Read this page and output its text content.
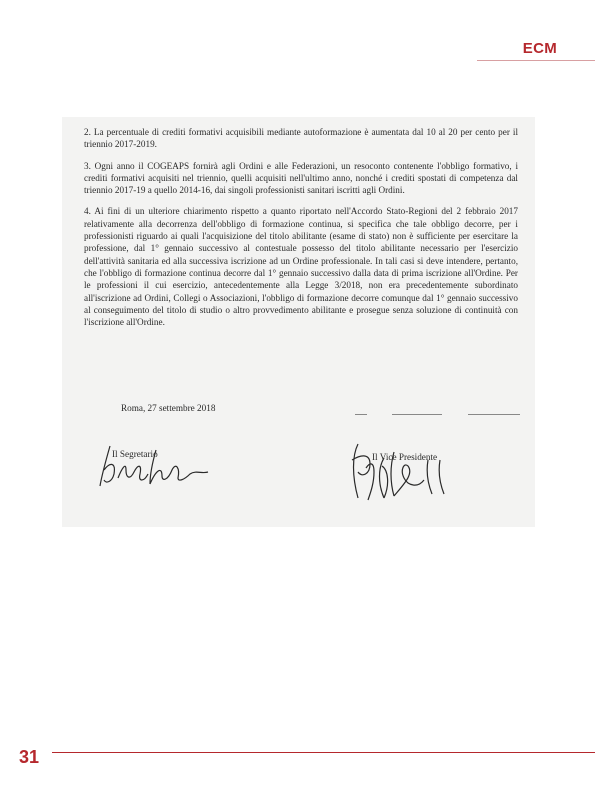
ECM

2. La percentuale di crediti formativi acquisibili mediante autoformazione è aumentata dal 10 al 20 per cento per il triennio 2017-2019.

3. Ogni anno il COGEAPS fornirà agli Ordini e alle Federazioni, un resoconto contenente l'obbligo formativo, i crediti formativi acquisiti nel triennio, quelli acquisiti nell'ultimo anno, nonché i crediti spostati di competenza dal triennio 2017-19 a quello 2014-16, dai singoli professionisti sanitari iscritti agli Ordini.

4. Ai fini di un ulteriore chiarimento rispetto a quanto riportato nell'Accordo Stato-Regioni del 2 febbraio 2017 relativamente alla decorrenza dell'obbligo di formazione continua, si specifica che tale obbligo decorre, per i professionisti riguardo ai quali l'acquisizione del titolo abilitante (esame di stato) non è sufficiente per esercitare la professione, dal 1° gennaio successivo al contestuale possesso del titolo abilitante necessario per l'esercizio dell'attività sanitaria ed alla successiva iscrizione ad un Ordine professionale. In tali casi si deve intendere, pertanto, che l'obbligo di formazione continua decorre dal 1° gennaio successivo dalla data di prima iscrizione all'Ordine. Per le professioni il cui esercizio, antecedentemente alla Legge 3/2018, non era precedentemente subordinato all'iscrizione ad Ordini, Collegi o Associazioni, l'obbligo di formazione decorre comunque dal 1° gennaio successivo al conseguimento del titolo di studio o altro provvedimento abilitante e prosegue senza soluzione di continuità con l'iscrizione all'Ordine.

Roma, 27 settembre 2018
Il Segretario	Il Vice Presidente
31
